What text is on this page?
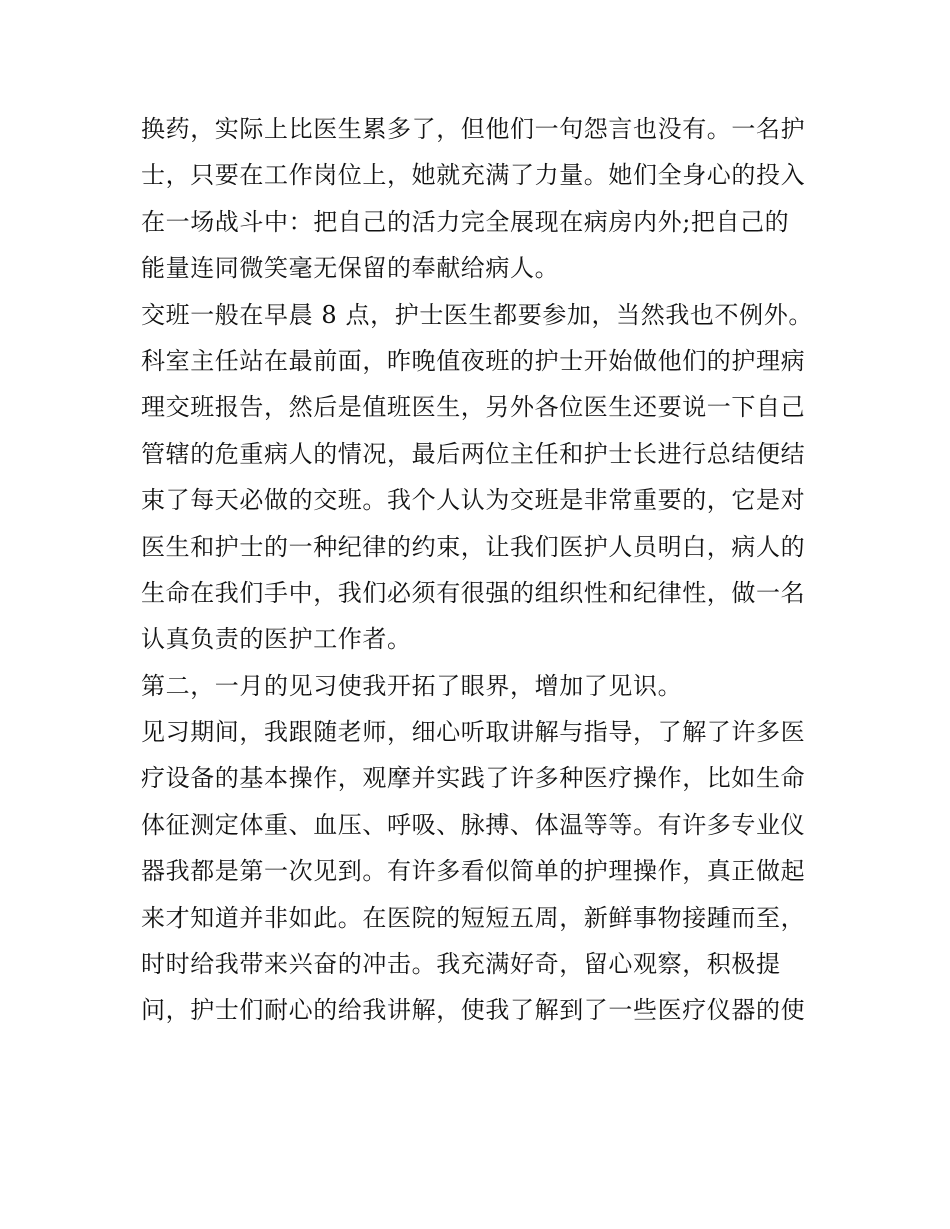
换药，实际上比医生累多了，但他们一句怨言也没有。一名护
士，只要在工作岗位上，她就充满了力量。她们全身心的投入
在一场战斗中：把自己的活力完全展现在病房内外;把自己的
能量连同微笑毫无保留的奉献给病人。
交班一般在早晨 8 点，护士医生都要参加，当然我也不例外。
科室主任站在最前面，昨晚值夜班的护士开始做他们的护理病
理交班报告，然后是值班医生，另外各位医生还要说一下自己
管辖的危重病人的情况，最后两位主任和护士长进行总结便结
束了每天必做的交班。我个人认为交班是非常重要的，它是对
医生和护士的一种纪律的约束，让我们医护人员明白，病人的
生命在我们手中，我们必须有很强的组织性和纪律性，做一名
认真负责的医护工作者。
第二，一月的见习使我开拓了眼界，增加了见识。
见习期间，我跟随老师，细心听取讲解与指导，了解了许多医
疗设备的基本操作，观摩并实践了许多种医疗操作，比如生命
体征测定体重、血压、呼吸、脉搏、体温等等。有许多专业仪
器我都是第一次见到。有许多看似简单的护理操作，真正做起
来才知道并非如此。在医院的短短五周，新鲜事物接踵而至，
时时给我带来兴奋的冲击。我充满好奇，留心观察，积极提
问，护士们耐心的给我讲解，使我了解到了一些医疗仪器的使
